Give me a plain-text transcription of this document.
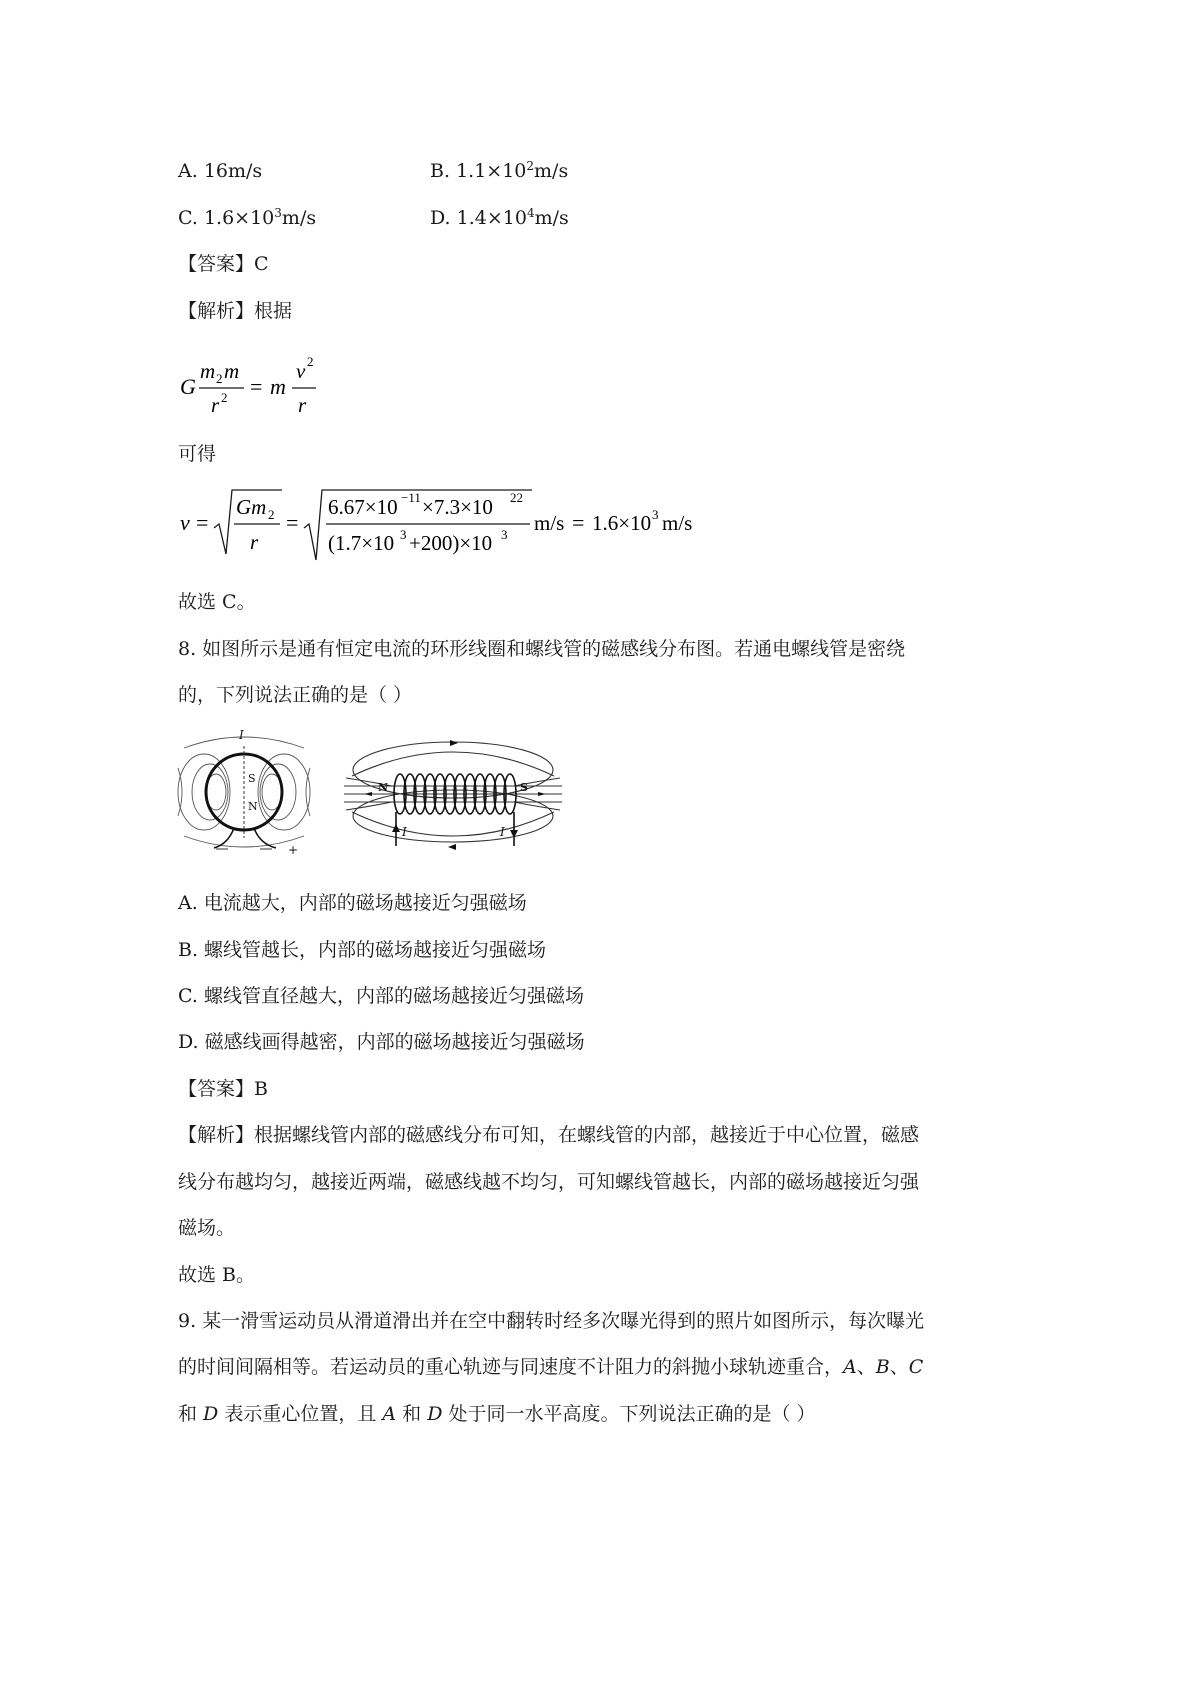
A. 16m/s	B. $1.1\times 10^2m/s$
C. $1.6\times 10^3m/s$	D. $1.4\times 10^4m/s$
【答案】C
【解析】根据
G
m 2 m
r 2 = m
v 2
r
可得
v =
Gm 2
r
=
6.67×10 −11 ×7.3×10 22
(1.7×10 3 +200)×10 3 m/s = 1.6×10 3 m/s
故选 C。
8. 如图所示是通有恒定电流的环形线圈和螺线管的磁感线分布图。若通电螺线管是密绕
的，下列说法正确的是（ ）
+
I
S
N
N	S
I	I
A. 电流越大，内部的磁场越接近匀强磁场
B. 螺线管越长，内部的磁场越接近匀强磁场
C. 螺线管直径越大，内部的磁场越接近匀强磁场
D. 磁感线画得越密，内部的磁场越接近匀强磁场
【答案】B
【解析】根据螺线管内部的磁感线分布可知，在螺线管的内部，越接近于中心位置，磁感
线分布越均匀，越接近两端，磁感线越不均匀，可知螺线管越长，内部的磁场越接近匀强
磁场。
故选 B。
9. 某一滑雪运动员从滑道滑出并在空中翻转时经多次曝光得到的照片如图所示，每次曝光
的时间间隔相等。若运动员的重心轨迹与同速度不计阻力的斜抛小球轨迹重合，A、B、C
和 D 表示重心位置，且 A 和 D 处于同一水平高度。下列说法正确的是（ ）
